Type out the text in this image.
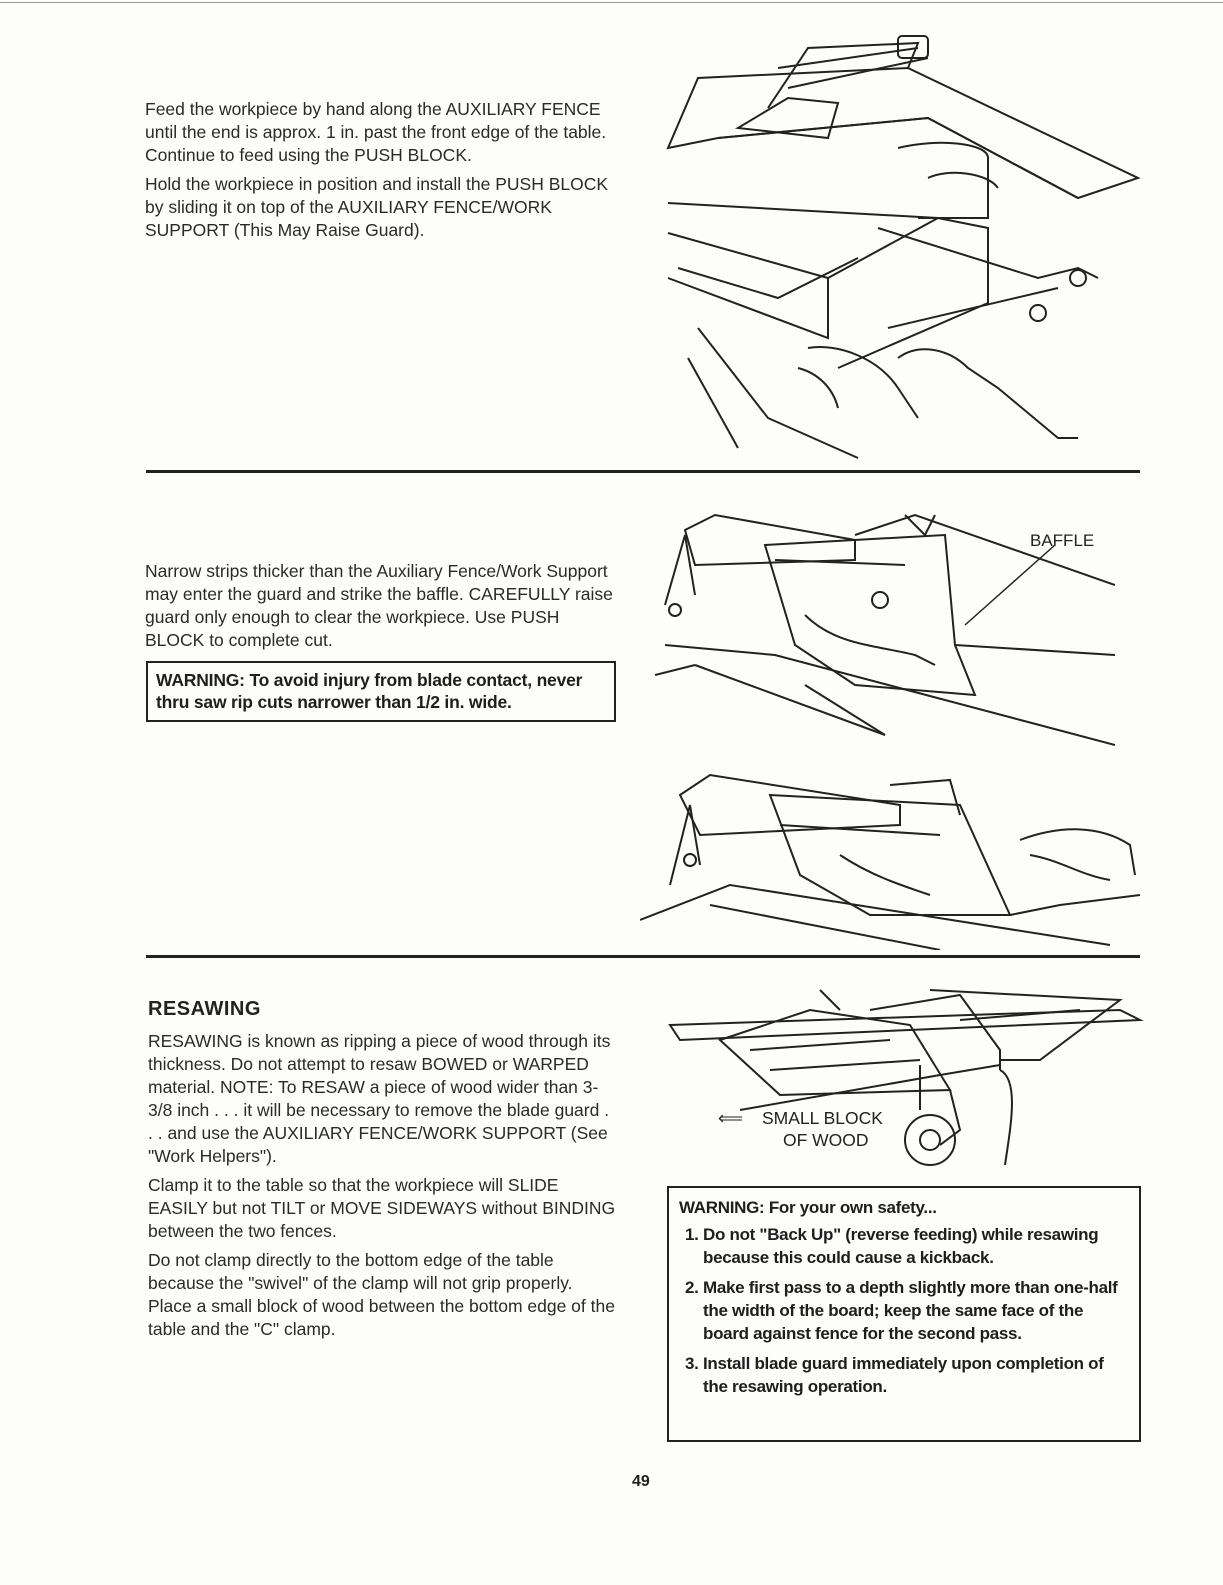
Feed the workpiece by hand along the AUXILIARY FENCE until the end is approx. 1 in. past the front edge of the table. Continue to feed using the PUSH BLOCK.

Hold the workpiece in position and install the PUSH BLOCK by sliding it on top of the AUXILIARY FENCE/WORK SUPPORT (This May Raise Guard).

Narrow strips thicker than the Auxiliary Fence/Work Support may enter the guard and strike the baffle. CAREFULLY raise guard only enough to clear the workpiece. Use PUSH BLOCK to complete cut.

WARNING: To avoid injury from blade contact, never thru saw rip cuts narrower than 1/2 in. wide.
BAFFLE
RESAWING

RESAWING is known as ripping a piece of wood through its thickness. Do not attempt to resaw BOWED or WARPED material. NOTE: To RESAW a piece of wood wider than 3-3/8 inch . . . it will be necessary to remove the blade guard . . . and use the AUXILIARY FENCE/WORK SUPPORT (See "Work Helpers").

Clamp it to the table so that the workpiece will SLIDE EASILY but not TILT or MOVE SIDEWAYS without BINDING between the two fences.

Do not clamp directly to the bottom edge of the table because the "swivel" of the clamp will not grip properly. Place a small block of wood between the bottom edge of the table and the "C" clamp.

⟸ SMALL BLOCK
OF WOOD
WARNING: For your own safety...
1. Do not "Back Up" (reverse feeding) while resawing because this could cause a kickback.
2. Make first pass to a depth slightly more than one-half the width of the board; keep the same face of the board against fence for the second pass.
3. Install blade guard immediately upon completion of the resawing operation.
49
